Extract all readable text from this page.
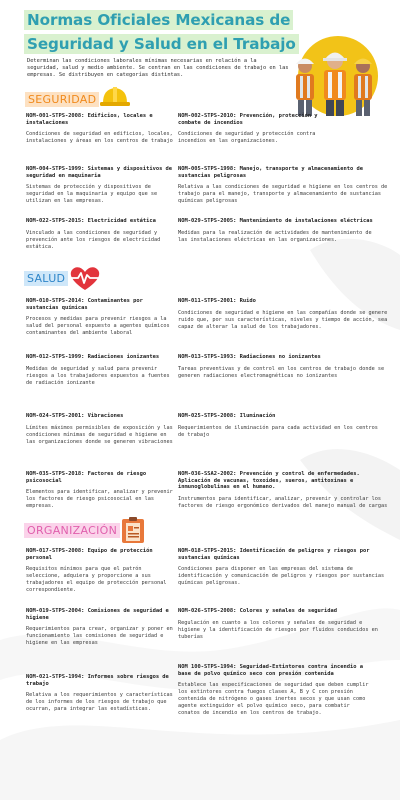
Normas Oficiales Mexicanas de Seguridad y Salud en el Trabajo

Determinan las condiciones laborales mínimas necesarias en relación a la seguridad, salud y medio ambiente. Se centran en las condiciones de trabajo en las empresas. Se distribuyen en categorías distintas.

SEGURIDAD
SALUD
ORGANIZACIÓN
NOM-001-STPS-2008: Edificios, locales e instalaciones

Condiciones de seguridad en edificios, locales, instalaciones y áreas en los centros de trabajo

NOM-002-STPS-2010: Prevención, protección y combate de incendios

Condiciones de seguridad y protección contra incendios en las organizaciones.

NOM-004-STPS-1999: Sistemas y dispositivos de seguridad en maquinaria

Sistemas de protección y dispositivos de seguridad en la maquinaria y equipo que se utilizan en las empresas.

NOM-005-STPS-1998: Manejo, transporte y almacenamiento de sustancias peligrosas

Relativa a las condiciones de seguridad e higiene en los centros de trabajo para el manejo, transporte y almacenamiento de sustancias químicas peligrosas

NOM-022-STPS-2015: Electricidad estática

Vinculado a las condiciones de seguridad y prevención ante los riesgos de electricidad estática.

NOM-029-STPS-2005: Mantenimiento de instalaciones eléctricas

Medidas para la realización de actividades de mantenimiento de las instalaciones eléctricas en las organizaciones.

NOM-010-STPS-2014: Contaminantes por sustancias químicas

Procesos y medidas para prevenir riesgos a la salud del personal expuesto a agentes químicos contaminantes del ambiente laboral

NOM-011-STPS-2001: Ruido

Condiciones de seguridad e higiene en las compañías donde se genere ruido que, por sus características, niveles y tiempo de acción, sea capaz de alterar la salud de los trabajadores.

NOM-012-STPS-1999: Radiaciones ionizantes

Medidas de seguridad y salud para prevenir riesgos a los trabajadores expuestos a fuentes de radiación ionizante

NOM-013-STPS-1993: Radiaciones no ionizantes

Tareas preventivas y de control en los centros de trabajo donde se generen radiaciones electromagnéticas no ionizantes

NOM-024-STPS-2001: Vibraciones

Límites máximos permisibles de exposición y las condiciones mínimas de seguridad e higiene en las organizaciones donde se generen vibraciones

NOM-025-STPS-2008: Iluminación

Requerimientos de iluminación para cada actividad en los centros de trabajo

NOM-035-STPS-2018: Factores de riesgo psicosocial

Elementos para identificar, analizar y prevenir los factores de riesgo psicosocial en las empresas.

NOM-036-SSA2-2002: Prevención y control de enfermedades. Aplicación de vacunas, toxoides, sueros, antitoxinas e inmunoglobulinas en el humano.

Instrumentos para identificar, analizar, prevenir y controlar los factores de riesgo ergonómico derivados del manejo manual de cargas

NOM-017-STPS-2008: Equipo de protección personal

Requisitos mínimos para que el patrón seleccione, adquiera y proporcione a sus trabajadores el equipo de protección personal correspondiente.

NOM-018-STPS-2015: Identificación de peligros y riesgos por sustancias químicas

Condiciones para disponer en las empresas del sistema de identificación y comunicación de peligros y riesgos por sustancias químicas peligrosas.

NOM-019-STPS-2004: Comisiones de seguridad e higiene

Requerimientos para crear, organizar y poner en funcionamiento las comisiones de seguridad e higiene en las empresas

NOM-026-STPS-2008: Colores y señales de seguridad

Regulación en cuanto a los colores y señales de seguridad e higiene y la identificación de riesgos por fluidos conducidos en tuberías

NOM 100-STPS-1994: Seguridad-Extintores contra incendio a base de polvo químico seco con presión contenida

Establece las especificaciones de seguridad que deben cumplir los extintores contra fuegos clases A, B y C con presión contenida de nitrógeno o gases inertes secos y que usan como agente extinguidor el polvo químico seco, para combatir conatos de incendio en los centros de trabajo.

NOM-021-STPS-1994: Informes sobre riesgos de trabajo

Relativa a los requerimientos y características de los informes de los riesgos de trabajo que ocurran, para integrar las estadísticas.
